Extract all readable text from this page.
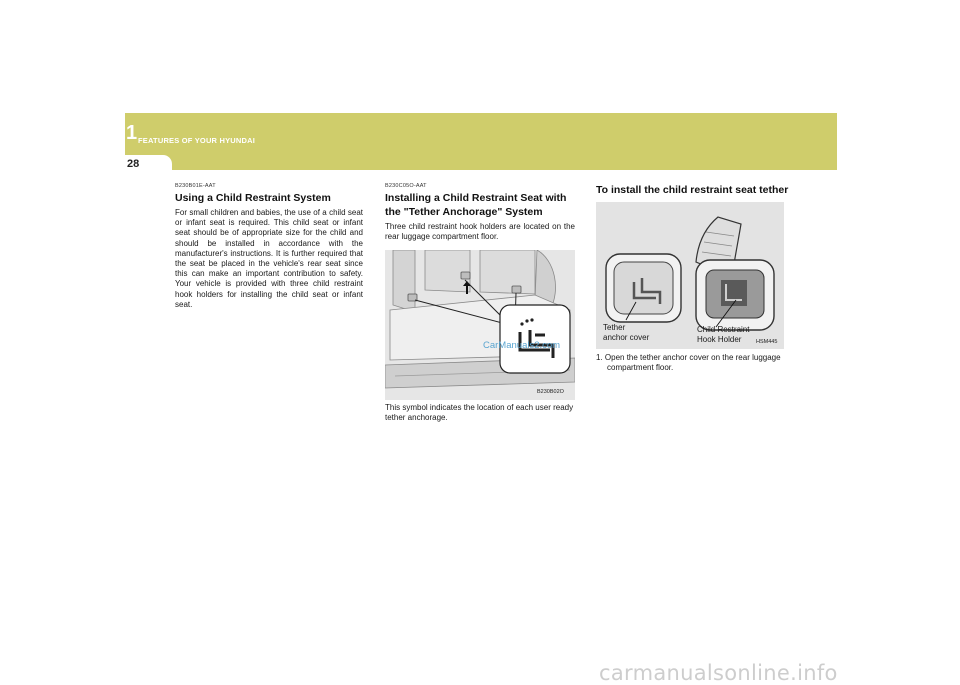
1 FEATURES OF YOUR HYUNDAI
28
B230B01E-AAT
Using a Child Restraint System
For small children and babies, the use of a child seat or infant seat is required. This child seat or infant seat should be of appropriate size for the child and should be installed in accordance with the manufacturer's instructions. It is further required that the seat be placed in the vehicle's rear seat since this can make an important contribution to safety. Your vehicle is provided with three child restraint hook holders for installing the child seat or infant seat.
B230C05O-AAT
Installing a Child Restraint Seat with the "Tether Anchorage" System
Three child restraint hook holders are located on the rear luggage compartment floor.
B230B02O
This symbol indicates the location of each user ready tether anchorage.
To install the child restraint seat tether
Tether
anchor cover
Child Restraint
Hook Holder	HSM445
1. Open the tether anchor cover on the rear luggage compartment floor.
CarManuals2.com
carmanualsonline.info
